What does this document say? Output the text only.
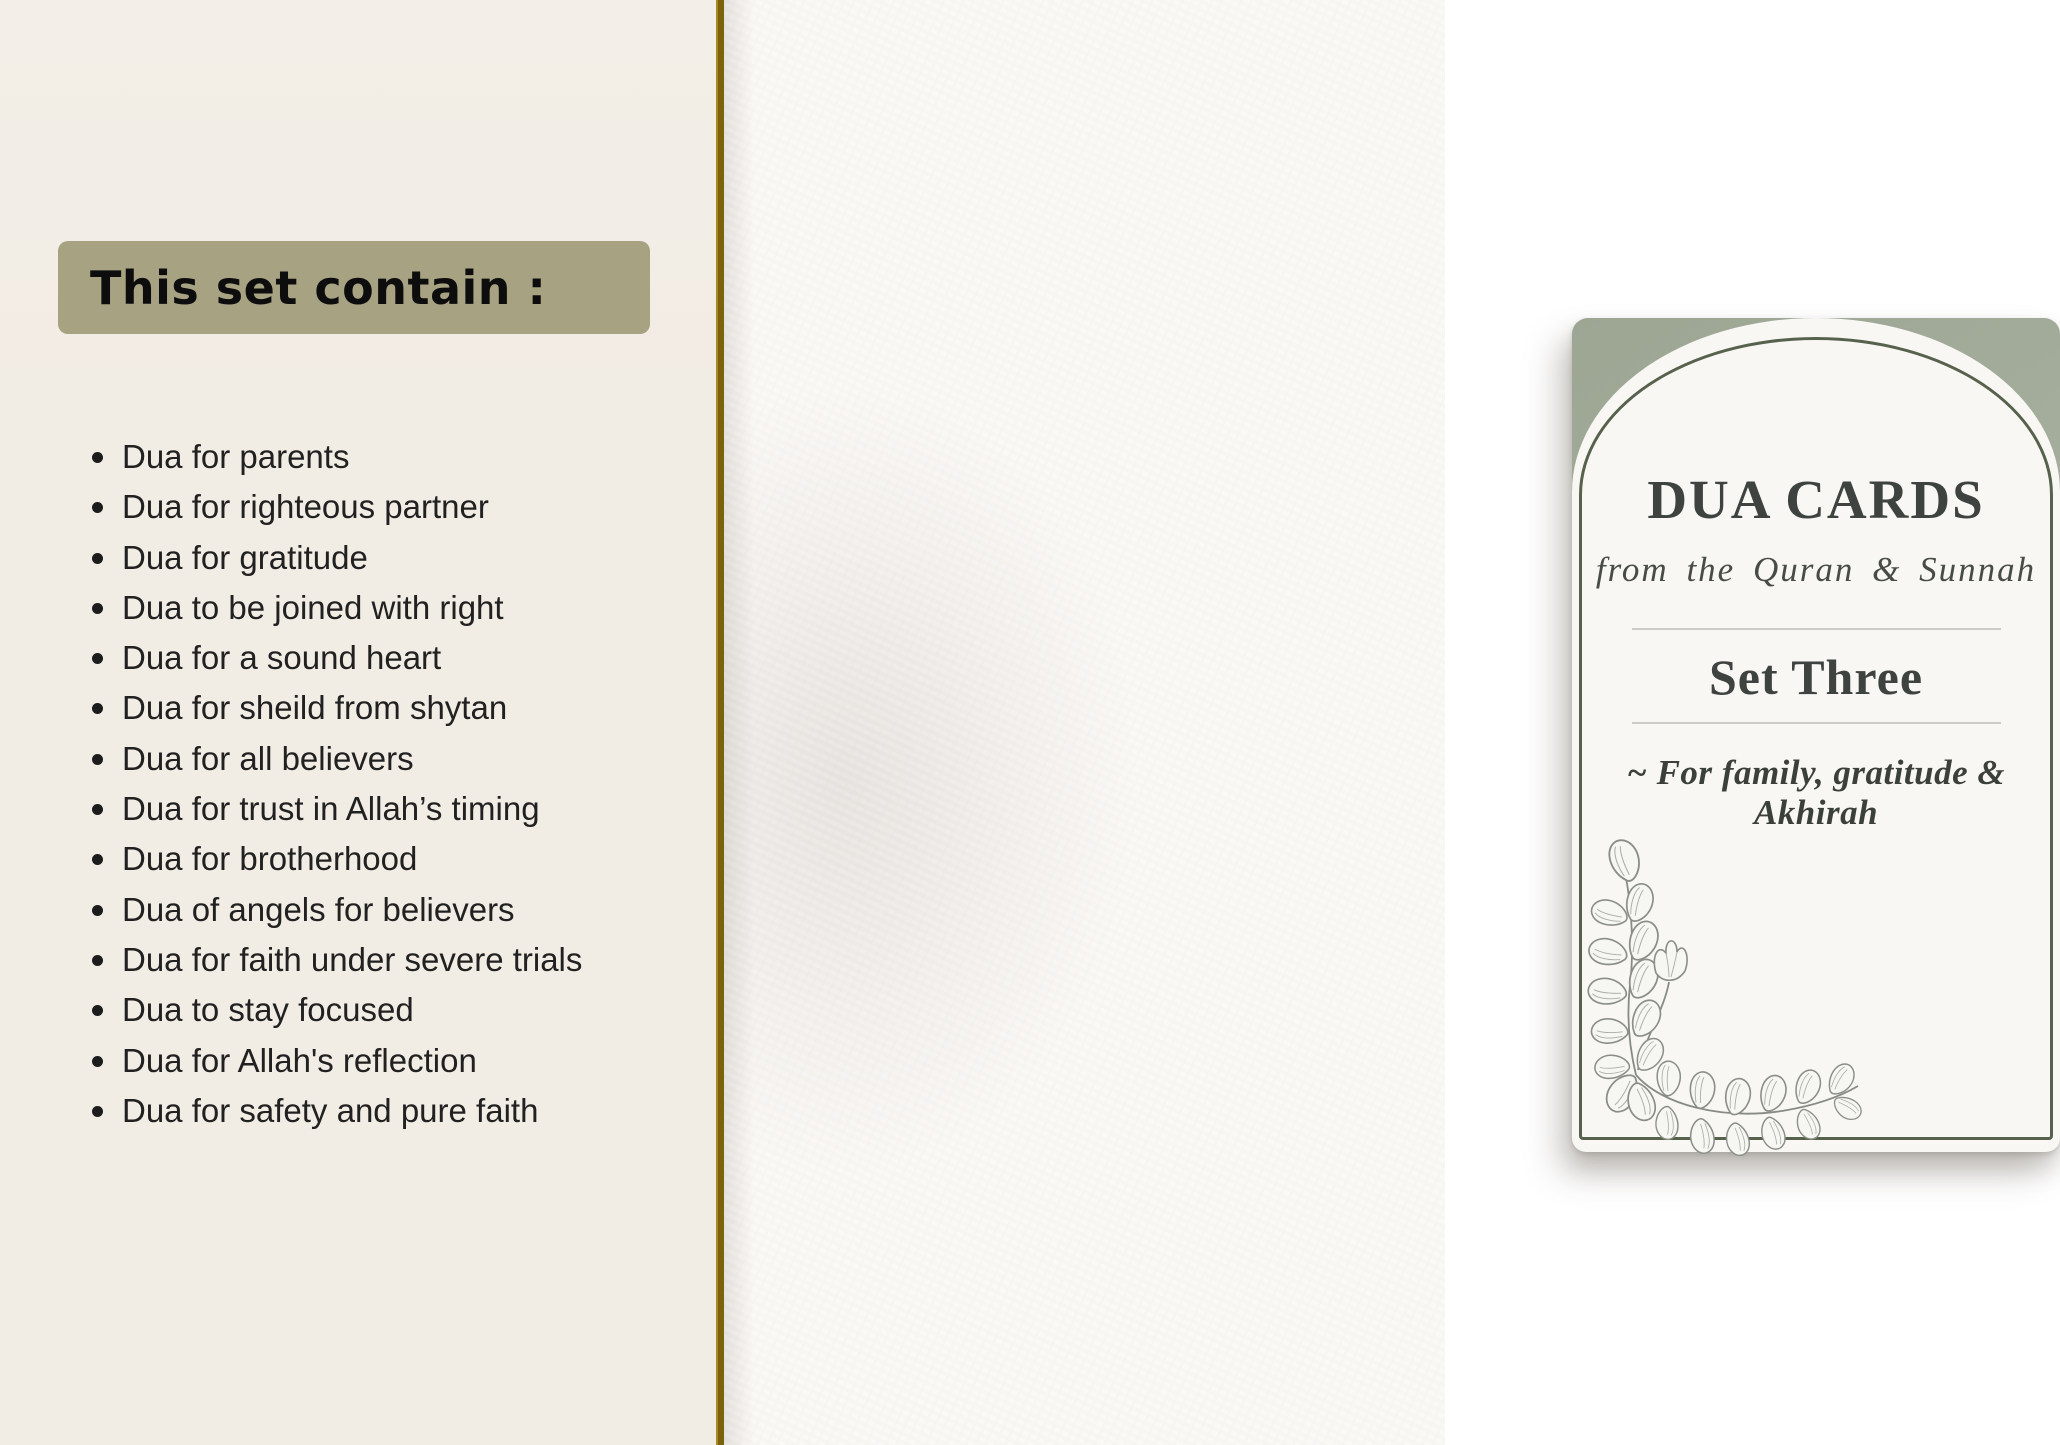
This set contain :
Dua for parents
Dua for righteous partner
Dua for gratitude
Dua to be joined with right
Dua for a sound heart
Dua for sheild from shytan
Dua for all believers
Dua for trust in Allah’s timing
Dua for brotherhood
Dua of angels for believers
Dua for faith under severe trials
Dua to stay focused
Dua for Allah's reflection
Dua for safety and pure faith
DUA CARDS
from the Quran & Sunnah
Set Three
~ For family, gratitude & Akhirah
